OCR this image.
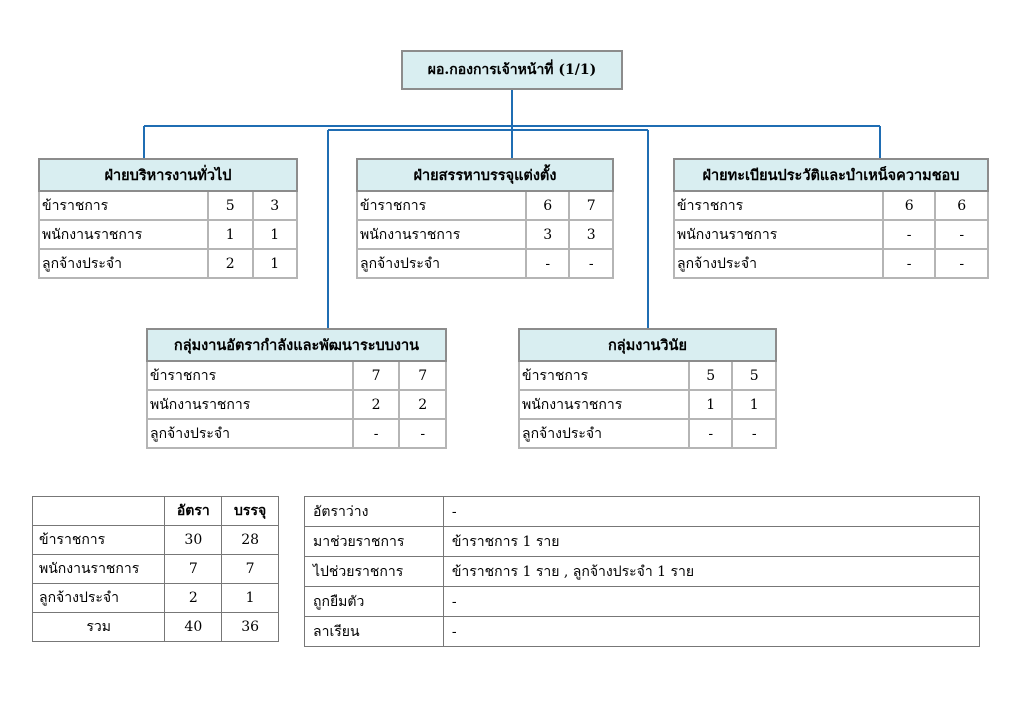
ผอ.กองการเจ้าหน้าที่ (1/1)
ฝ่ายบริหารงานทั่วไป		
ข้าราชการ	5	3
พนักงานราชการ	1	1
ลูกจ้างประจำ	2	1
ฝ่ายสรรหาบรรจุแต่งตั้ง		
ข้าราชการ	6	7
พนักงานราชการ	3	3
ลูกจ้างประจำ	-	-
ฝ่ายทะเบียนประวัติและบำเหน็จความชอบ		
ข้าราชการ	6	6
พนักงานราชการ	-	-
ลูกจ้างประจำ	-	-
กลุ่มงานอัตรากำลังและพัฒนาระบบงาน		
ข้าราชการ	7	7
พนักงานราชการ	2	2
ลูกจ้างประจำ	-	-
กลุ่มงานวินัย		
ข้าราชการ	5	5
พนักงานราชการ	1	1
ลูกจ้างประจำ	-	-
	อัตรา	บรรจุ
ข้าราชการ	30	28
พนักงานราชการ	7	7
ลูกจ้างประจำ	2	1
รวม	40	36
อัตราว่าง	-
มาช่วยราชการ	ข้าราชการ 1 ราย
ไปช่วยราชการ	ข้าราชการ 1 ราย , ลูกจ้างประจำ 1 ราย
ถูกยืมตัว	-
ลาเรียน	-
